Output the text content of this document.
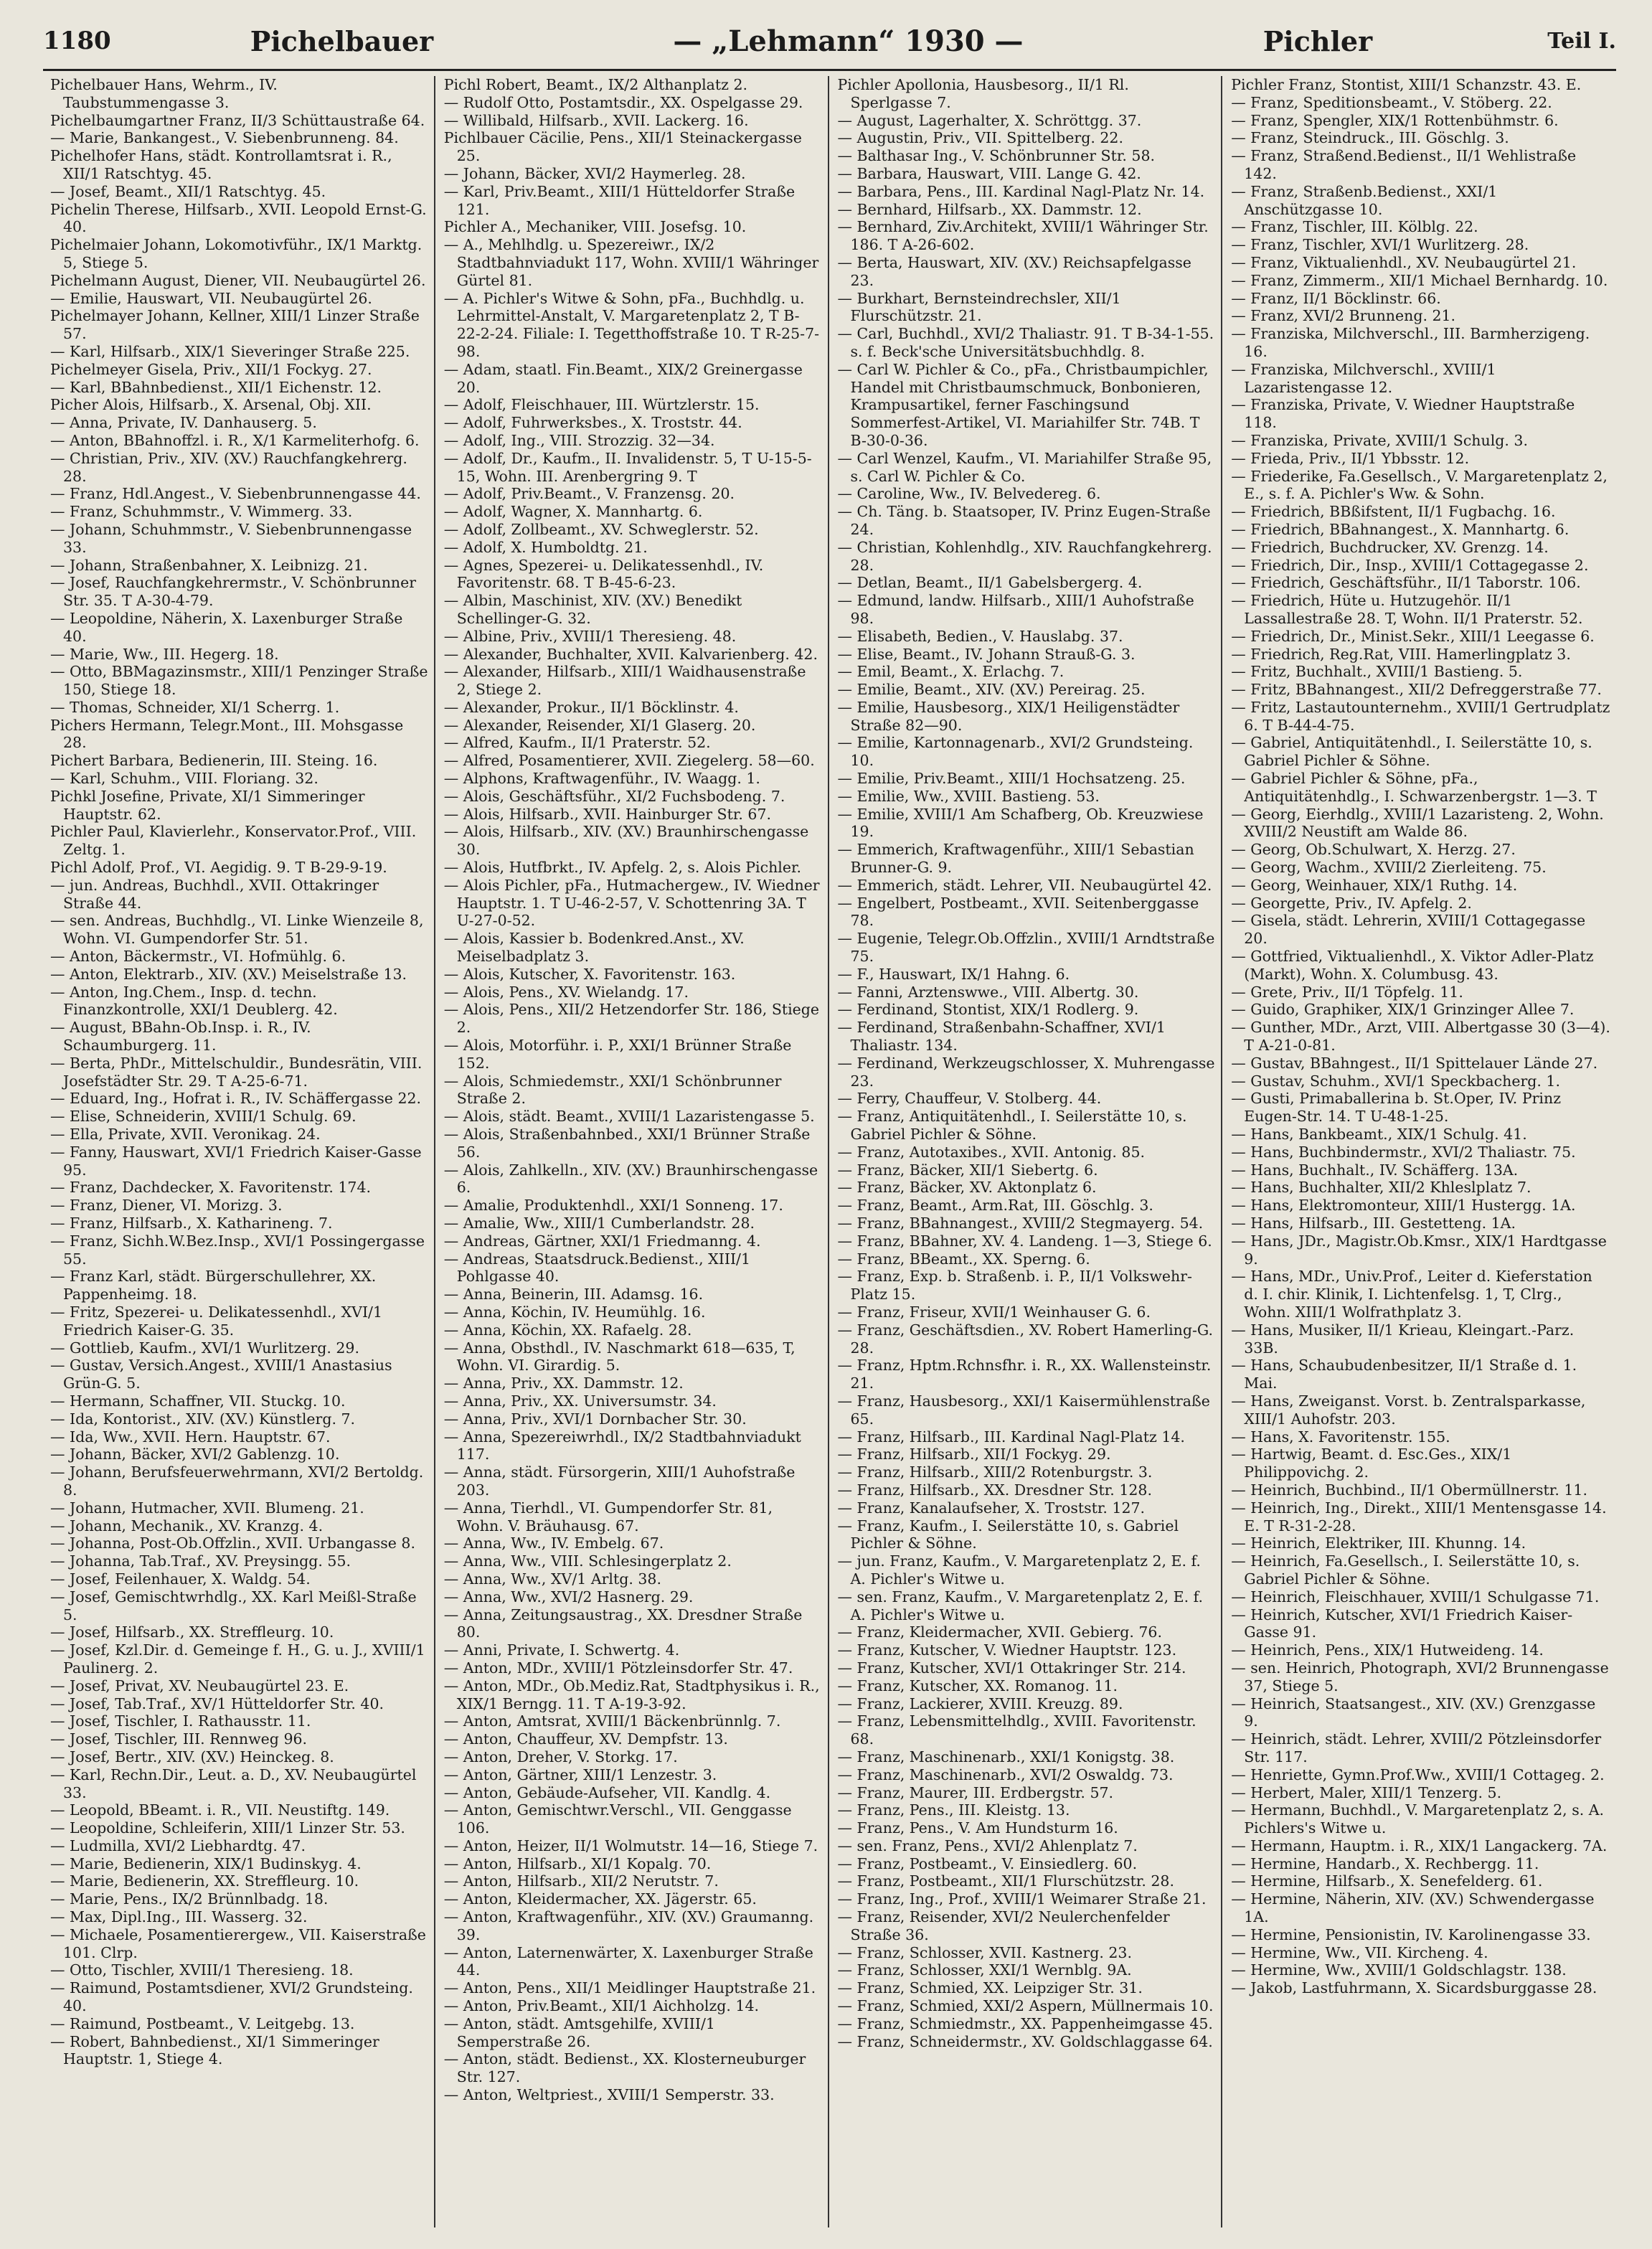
1180	Pichelbauer	— „Lehmann“ 1930 —	Pichler	Teil I.
Pichelbauer Hans, Wehrm., IV. Taubstummengasse 3.
Pichelbaumgartner Franz, II/3 Schüttaustraße 64.
— Marie, Bankangest., V. Siebenbrunneng. 84.
Pichelhofer Hans, städt. Kontrollamtsrat i. R., XII/1 Ratschtyg. 45.
— Josef, Beamt., XII/1 Ratschtyg. 45.
Pichelin Therese, Hilfsarb., XVII. Leopold Ernst-G. 40.
Pichelmaier Johann, Lokomotivführ., IX/1 Marktg. 5, Stiege 5.
Pichelmann August, Diener, VII. Neubaugürtel 26.
— Emilie, Hauswart, VII. Neubaugürtel 26.
Pichelmayer Johann, Kellner, XIII/1 Linzer Straße 57.
— Karl, Hilfsarb., XIX/1 Sieveringer Straße 225.
Pichelmeyer Gisela, Priv., XII/1 Fockyg. 27.
— Karl, BBahnbedienst., XII/1 Eichenstr. 12.
Picher Alois, Hilfsarb., X. Arsenal, Obj. XII.
— Anna, Private, IV. Danhauserg. 5.
— Anton, BBahnoffzl. i. R., X/1 Karmeliterhofg. 6.
— Christian, Priv., XIV. (XV.) Rauchfangkehrerg. 28.
— Franz, Hdl.Angest., V. Siebenbrunnengasse 44.
— Franz, Schuhmmstr., V. Wimmerg. 33.
— Johann, Schuhmmstr., V. Siebenbrunnengasse 33.
— Johann, Straßenbahner, X. Leibnizg. 21.
— Josef, Rauchfangkehrermstr., V. Schönbrunner Str. 35. T A-30-4-79.
— Leopoldine, Näherin, X. Laxenburger Straße 40.
— Marie, Ww., III. Hegerg. 18.
— Otto, BBMagazinsmstr., XIII/1 Penzinger Straße 150, Stiege 18.
— Thomas, Schneider, XI/1 Scherrg. 1.
Pichers Hermann, Telegr.Mont., III. Mohsgasse 28.
Pichert Barbara, Bedienerin, III. Steing. 16.
— Karl, Schuhm., VIII. Floriang. 32.
Pichkl Josefine, Private, XI/1 Simmeringer Hauptstr. 62.
Pichler Paul, Klavierlehr., Konservator.Prof., VIII. Zeltg. 1.
Pichl Adolf, Prof., VI. Aegidig. 9. T B-29-9-19.
— jun. Andreas, Buchhdl., XVII. Ottakringer Straße 44.
— sen. Andreas, Buchhdlg., VI. Linke Wienzeile 8, Wohn. VI. Gumpendorfer Str. 51.
— Anton, Bäckermstr., VI. Hofmühlg. 6.
— Anton, Elektrarb., XIV. (XV.) Meiselstraße 13.
— Anton, Ing.Chem., Insp. d. techn. Finanzkontrolle, XXI/1 Deublerg. 42.
— August, BBahn-Ob.Insp. i. R., IV. Schaumburgerg. 11.
— Berta, PhDr., Mittelschuldir., Bundesrätin, VIII. Josefstädter Str. 29. T A-25-6-71.
— Eduard, Ing., Hofrat i. R., IV. Schäffergasse 22.
— Elise, Schneiderin, XVIII/1 Schulg. 69.
— Ella, Private, XVII. Veronikag. 24.
— Fanny, Hauswart, XVI/1 Friedrich Kaiser-Gasse 95.
— Franz, Dachdecker, X. Favoritenstr. 174.
— Franz, Diener, VI. Morizg. 3.
— Franz, Hilfsarb., X. Katharineng. 7.
— Franz, Sichh.W.Bez.Insp., XVI/1 Possingergasse 55.
— Franz Karl, städt. Bürgerschullehrer, XX. Pappenheimg. 18.
— Fritz, Spezerei- u. Delikatessenhdl., XVI/1 Friedrich Kaiser-G. 35.
— Gottlieb, Kaufm., XVI/1 Wurlitzerg. 29.
— Gustav, Versich.Angest., XVIII/1 Anastasius Grün-G. 5.
— Hermann, Schaffner, VII. Stuckg. 10.
— Ida, Kontorist., XIV. (XV.) Künstlerg. 7.
— Ida, Ww., XVII. Hern. Hauptstr. 67.
— Johann, Bäcker, XVI/2 Gablenzg. 10.
— Johann, Berufsfeuerwehrmann, XVI/2 Bertoldg. 8.
— Johann, Hutmacher, XVII. Blumeng. 21.
— Johann, Mechanik., XV. Kranzg. 4.
— Johanna, Post-Ob.Offzlin., XVII. Urbangasse 8.
— Johanna, Tab.Traf., XV. Preysingg. 55.
— Josef, Feilenhauer, X. Waldg. 54.
— Josef, Gemischtwrhdlg., XX. Karl Meißl-Straße 5.
— Josef, Hilfsarb., XX. Streffleurg. 10.
— Josef, Kzl.Dir. d. Gemeinge f. H., G. u. J., XVIII/1 Paulinerg. 2.
— Josef, Privat, XV. Neubaugürtel 23. E.
— Josef, Tab.Traf., XV/1 Hütteldorfer Str. 40.
— Josef, Tischler, I. Rathausstr. 11.
— Josef, Tischler, III. Rennweg 96.
— Josef, Bertr., XIV. (XV.) Heinckeg. 8.
— Karl, Rechn.Dir., Leut. a. D., XV. Neubaugürtel 33.
— Leopold, BBeamt. i. R., VII. Neustiftg. 149.
— Leopoldine, Schleiferin, XIII/1 Linzer Str. 53.
— Ludmilla, XVI/2 Liebhardtg. 47.
— Marie, Bedienerin, XIX/1 Budinskyg. 4.
— Marie, Bedienerin, XX. Streffleurg. 10.
— Marie, Pens., IX/2 Brünnlbadg. 18.
— Max, Dipl.Ing., III. Wasserg. 32.
— Michaele, Posamentierergew., VII. Kaiserstraße 101. Clrp.
— Otto, Tischler, XVIII/1 Theresieng. 18.
— Raimund, Postamtsdiener, XVI/2 Grundsteing. 40.
— Raimund, Postbeamt., V. Leitgebg. 13.
— Robert, Bahnbedienst., XI/1 Simmeringer Hauptstr. 1, Stiege 4.
Pichl Robert, Beamt., IX/2 Althanplatz 2.
— Rudolf Otto, Postamtsdir., XX. Ospelgasse 29.
— Willibald, Hilfsarb., XVII. Lackerg. 16.
Pichlbauer Cäcilie, Pens., XII/1 Steinackergasse 25.
— Johann, Bäcker, XVI/2 Haymerleg. 28.
— Karl, Priv.Beamt., XIII/1 Hütteldorfer Straße 121.
Pichler A., Mechaniker, VIII. Josefsg. 10.
— A., Mehlhdlg. u. Spezereiwr., IX/2 Stadtbahnviadukt 117, Wohn. XVIII/1 Währinger Gürtel 81.
— A. Pichler's Witwe & Sohn, pFa., Buchhdlg. u. Lehrmittel-Anstalt, V. Margaretenplatz 2, T B-22-2-24. Filiale: I. Tegetthoffstraße 10. T R-25-7-98.
— Adam, staatl. Fin.Beamt., XIX/2 Greinergasse 20.
— Adolf, Fleischhauer, III. Würtzlerstr. 15.
— Adolf, Fuhrwerksbes., X. Troststr. 44.
— Adolf, Ing., VIII. Strozzig. 32—34.
— Adolf, Dr., Kaufm., II. Invalidenstr. 5, T U-15-5-15, Wohn. III. Arenbergring 9. T
— Adolf, Priv.Beamt., V. Franzensg. 20.
— Adolf, Wagner, X. Mannhartg. 6.
— Adolf, Zollbeamt., XV. Schweglerstr. 52.
— Adolf, X. Humboldtg. 21.
— Agnes, Spezerei- u. Delikatessenhdl., IV. Favoritenstr. 68. T B-45-6-23.
— Albin, Maschinist, XIV. (XV.) Benedikt Schellinger-G. 32.
— Albine, Priv., XVIII/1 Theresieng. 48.
— Alexander, Buchhalter, XVII. Kalvarienberg. 42.
— Alexander, Hilfsarb., XIII/1 Waidhausenstraße 2, Stiege 2.
— Alexander, Prokur., II/1 Böcklinstr. 4.
— Alexander, Reisender, XI/1 Glaserg. 20.
— Alfred, Kaufm., II/1 Praterstr. 52.
— Alfred, Posamentierer, XVII. Ziegelerg. 58—60.
— Alphons, Kraftwagenführ., IV. Waagg. 1.
— Alois, Geschäftsführ., XI/2 Fuchsbodeng. 7.
— Alois, Hilfsarb., XVII. Hainburger Str. 67.
— Alois, Hilfsarb., XIV. (XV.) Braunhirschengasse 30.
— Alois, Hutfbrkt., IV. Apfelg. 2, s. Alois Pichler.
— Alois Pichler, pFa., Hutmachergew., IV. Wiedner Hauptstr. 1. T U-46-2-57, V. Schottenring 3A. T U-27-0-52.
— Alois, Kassier b. Bodenkred.Anst., XV. Meiselbadplatz 3.
— Alois, Kutscher, X. Favoritenstr. 163.
— Alois, Pens., XV. Wielandg. 17.
— Alois, Pens., XII/2 Hetzendorfer Str. 186, Stiege 2.
— Alois, Motorführ. i. P., XXI/1 Brünner Straße 152.
— Alois, Schmiedemstr., XXI/1 Schönbrunner Straße 2.
— Alois, städt. Beamt., XVIII/1 Lazaristengasse 5.
— Alois, Straßenbahnbed., XXI/1 Brünner Straße 56.
— Alois, Zahlkelln., XIV. (XV.) Braunhirschengasse 6.
— Amalie, Produktenhdl., XXI/1 Sonneng. 17.
— Amalie, Ww., XIII/1 Cumberlandstr. 28.
— Andreas, Gärtner, XXI/1 Friedmanng. 4.
— Andreas, Staatsdruck.Bedienst., XIII/1 Pohlgasse 40.
— Anna, Beinerin, III. Adamsg. 16.
— Anna, Köchin, IV. Heumühlg. 16.
— Anna, Köchin, XX. Rafaelg. 28.
— Anna, Obsthdl., IV. Naschmarkt 618—635, T, Wohn. VI. Girardig. 5.
— Anna, Priv., XX. Dammstr. 12.
— Anna, Priv., XX. Universumstr. 34.
— Anna, Priv., XVI/1 Dornbacher Str. 30.
— Anna, Spezereiwrhdl., IX/2 Stadtbahnviadukt 117.
— Anna, städt. Fürsorgerin, XIII/1 Auhofstraße 203.
— Anna, Tierhdl., VI. Gumpendorfer Str. 81, Wohn. V. Bräuhausg. 67.
— Anna, Ww., IV. Embelg. 67.
— Anna, Ww., VIII. Schlesingerplatz 2.
— Anna, Ww., XV/1 Arltg. 38.
— Anna, Ww., XVI/2 Hasnerg. 29.
— Anna, Zeitungsaustrag., XX. Dresdner Straße 80.
— Anni, Private, I. Schwertg. 4.
— Anton, MDr., XVIII/1 Pötzleinsdorfer Str. 47.
— Anton, MDr., Ob.Mediz.Rat, Stadtphysikus i. R., XIX/1 Berngg. 11. T A-19-3-92.
— Anton, Amtsrat, XVIII/1 Bäckenbrünnlg. 7.
— Anton, Chauffeur, XV. Dempfstr. 13.
— Anton, Dreher, V. Storkg. 17.
— Anton, Gärtner, XIII/1 Lenzestr. 3.
— Anton, Gebäude-Aufseher, VII. Kandlg. 4.
— Anton, Gemischtwr.Verschl., VII. Genggasse 106.
— Anton, Heizer, II/1 Wolmutstr. 14—16, Stiege 7.
— Anton, Hilfsarb., XI/1 Kopalg. 70.
— Anton, Hilfsarb., XII/2 Nerutstr. 7.
— Anton, Kleidermacher, XX. Jägerstr. 65.
— Anton, Kraftwagenführ., XIV. (XV.) Graumanng. 39.
— Anton, Laternenwärter, X. Laxenburger Straße 44.
— Anton, Pens., XII/1 Meidlinger Hauptstraße 21.
— Anton, Priv.Beamt., XII/1 Aichholzg. 14.
— Anton, städt. Amtsgehilfe, XVIII/1 Semperstraße 26.
— Anton, städt. Bedienst., XX. Klosterneuburger Str. 127.
— Anton, Weltpriest., XVIII/1 Semperstr. 33.
Pichler Apollonia, Hausbesorg., II/1 Rl. Sperlgasse 7.
— August, Lagerhalter, X. Schröttgg. 37.
— Augustin, Priv., VII. Spittelberg. 22.
— Balthasar Ing., V. Schönbrunner Str. 58.
— Barbara, Hauswart, VIII. Lange G. 42.
— Barbara, Pens., III. Kardinal Nagl-Platz Nr. 14.
— Bernhard, Hilfsarb., XX. Dammstr. 12.
— Bernhard, Ziv.Architekt, XVIII/1 Währinger Str. 186. T A-26-602.
— Berta, Hauswart, XIV. (XV.) Reichsapfelgasse 23.
— Burkhart, Bernsteindrechsler, XII/1 Flurschützstr. 21.
— Carl, Buchhdl., XVI/2 Thaliastr. 91. T B-34-1-55. s. f. Beck'sche Universitätsbuchhdlg. 8.
— Carl W. Pichler & Co., pFa., Christbaumpichler, Handel mit Christbaumschmuck, Bonbonieren, Krampusartikel, ferner Faschingsund Sommerfest-Artikel, VI. Mariahilfer Str. 74B. T B-30-0-36.
— Carl Wenzel, Kaufm., VI. Mariahilfer Straße 95, s. Carl W. Pichler & Co.
— Caroline, Ww., IV. Belvedereg. 6.
— Ch. Täng. b. Staatsoper, IV. Prinz Eugen-Straße 24.
— Christian, Kohlenhdlg., XIV. Rauchfangkehrerg. 28.
— Detlan, Beamt., II/1 Gabelsbergerg. 4.
— Edmund, landw. Hilfsarb., XIII/1 Auhofstraße 98.
— Elisabeth, Bedien., V. Hauslabg. 37.
— Elise, Beamt., IV. Johann Strauß-G. 3.
— Emil, Beamt., X. Erlachg. 7.
— Emilie, Beamt., XIV. (XV.) Pereirag. 25.
— Emilie, Hausbesorg., XIX/1 Heiligenstädter Straße 82—90.
— Emilie, Kartonnagenarb., XVI/2 Grundsteing. 10.
— Emilie, Priv.Beamt., XIII/1 Hochsatzeng. 25.
— Emilie, Ww., XVIII. Bastieng. 53.
— Emilie, XVIII/1 Am Schafberg, Ob. Kreuzwiese 19.
— Emmerich, Kraftwagenführ., XIII/1 Sebastian Brunner-G. 9.
— Emmerich, städt. Lehrer, VII. Neubaugürtel 42.
— Engelbert, Postbeamt., XVII. Seitenberggasse 78.
— Eugenie, Telegr.Ob.Offzlin., XVIII/1 Arndtstraße 75.
— F., Hauswart, IX/1 Hahng. 6.
— Fanni, Arztenswwe., VIII. Albertg. 30.
— Ferdinand, Stontist, XIX/1 Rodlerg. 9.
— Ferdinand, Straßenbahn-Schaffner, XVI/1 Thaliastr. 134.
— Ferdinand, Werkzeugschlosser, X. Muhrengasse 23.
— Ferry, Chauffeur, V. Stolberg. 44.
— Franz, Antiquitätenhdl., I. Seilerstätte 10, s. Gabriel Pichler & Söhne.
— Franz, Autotaxibes., XVII. Antonig. 85.
— Franz, Bäcker, XII/1 Siebertg. 6.
— Franz, Bäcker, XV. Aktonplatz 6.
— Franz, Beamt., Arm.Rat, III. Göschlg. 3.
— Franz, BBahnangest., XVIII/2 Stegmayerg. 54.
— Franz, BBahner, XV. 4. Landeng. 1—3, Stiege 6.
— Franz, BBeamt., XX. Sperng. 6.
— Franz, Exp. b. Straßenb. i. P., II/1 Volkswehr-Platz 15.
— Franz, Friseur, XVII/1 Weinhauser G. 6.
— Franz, Geschäftsdien., XV. Robert Hamerling-G. 28.
— Franz, Hptm.Rchnsfhr. i. R., XX. Wallensteinstr. 21.
— Franz, Hausbesorg., XXI/1 Kaisermühlenstraße 65.
— Franz, Hilfsarb., III. Kardinal Nagl-Platz 14.
— Franz, Hilfsarb., XII/1 Fockyg. 29.
— Franz, Hilfsarb., XIII/2 Rotenburgstr. 3.
— Franz, Hilfsarb., XX. Dresdner Str. 128.
— Franz, Kanalaufseher, X. Troststr. 127.
— Franz, Kaufm., I. Seilerstätte 10, s. Gabriel Pichler & Söhne.
— jun. Franz, Kaufm., V. Margaretenplatz 2, E. f. A. Pichler's Witwe u.
— sen. Franz, Kaufm., V. Margaretenplatz 2, E. f. A. Pichler's Witwe u.
— Franz, Kleidermacher, XVII. Gebierg. 76.
— Franz, Kutscher, V. Wiedner Hauptstr. 123.
— Franz, Kutscher, XVI/1 Ottakringer Str. 214.
— Franz, Kutscher, XX. Romanog. 11.
— Franz, Lackierer, XVIII. Kreuzg. 89.
— Franz, Lebensmittelhdlg., XVIII. Favoritenstr. 68.
— Franz, Maschinenarb., XXI/1 Konigstg. 38.
— Franz, Maschinenarb., XVI/2 Oswaldg. 73.
— Franz, Maurer, III. Erdbergstr. 57.
— Franz, Pens., III. Kleistg. 13.
— Franz, Pens., V. Am Hundsturm 16.
— sen. Franz, Pens., XVI/2 Ahlenplatz 7.
— Franz, Postbeamt., V. Einsiedlerg. 60.
— Franz, Postbeamt., XII/1 Flurschützstr. 28.
— Franz, Ing., Prof., XVIII/1 Weimarer Straße 21.
— Franz, Reisender, XVI/2 Neulerchenfelder Straße 36.
— Franz, Schlosser, XVII. Kastnerg. 23.
— Franz, Schlosser, XXI/1 Wernblg. 9A.
— Franz, Schmied, XX. Leipziger Str. 31.
— Franz, Schmied, XXI/2 Aspern, Müllnermais 10.
— Franz, Schmiedmstr., XX. Pappenheimgasse 45.
— Franz, Schneidermstr., XV. Goldschlaggasse 64.
Pichler Franz, Stontist, XIII/1 Schanzstr. 43. E.
— Franz, Speditionsbeamt., V. Stöberg. 22.
— Franz, Spengler, XIX/1 Rottenbühmstr. 6.
— Franz, Steindruck., III. Göschlg. 3.
— Franz, Straßend.Bedienst., II/1 Wehlistraße 142.
— Franz, Straßenb.Bedienst., XXI/1 Anschützgasse 10.
— Franz, Tischler, III. Kölblg. 22.
— Franz, Tischler, XVI/1 Wurlitzerg. 28.
— Franz, Viktualienhdl., XV. Neubaugürtel 21.
— Franz, Zimmerm., XII/1 Michael Bernhardg. 10.
— Franz, II/1 Böcklinstr. 66.
— Franz, XVI/2 Brunneng. 21.
— Franziska, Milchverschl., III. Barmherzigeng. 16.
— Franziska, Milchverschl., XVIII/1 Lazaristengasse 12.
— Franziska, Private, V. Wiedner Hauptstraße 118.
— Franziska, Private, XVIII/1 Schulg. 3.
— Frieda, Priv., II/1 Ybbsstr. 12.
— Friederike, Fa.Gesellsch., V. Margaretenplatz 2, E., s. f. A. Pichler's Ww. & Sohn.
— Friedrich, BBßifstent, II/1 Fugbachg. 16.
— Friedrich, BBahnangest., X. Mannhartg. 6.
— Friedrich, Buchdrucker, XV. Grenzg. 14.
— Friedrich, Dir., Insp., XVIII/1 Cottagegasse 2.
— Friedrich, Geschäftsführ., II/1 Taborstr. 106.
— Friedrich, Hüte u. Hutzugehör. II/1 Lassallestraße 28. T, Wohn. II/1 Praterstr. 52.
— Friedrich, Dr., Minist.Sekr., XIII/1 Leegasse 6.
— Friedrich, Reg.Rat, VIII. Hamerlingplatz 3.
— Fritz, Buchhalt., XVIII/1 Bastieng. 5.
— Fritz, BBahnangest., XII/2 Defreggerstraße 77.
— Fritz, Lastautounternehm., XVIII/1 Gertrudplatz 6. T B-44-4-75.
— Gabriel, Antiquitätenhdl., I. Seilerstätte 10, s. Gabriel Pichler & Söhne.
— Gabriel Pichler & Söhne, pFa., Antiquitätenhdlg., I. Schwarzenbergstr. 1—3. T
— Georg, Eierhdlg., XVIII/1 Lazaristeng. 2, Wohn. XVIII/2 Neustift am Walde 86.
— Georg, Ob.Schulwart, X. Herzg. 27.
— Georg, Wachm., XVIII/2 Zierleiteng. 75.
— Georg, Weinhauer, XIX/1 Ruthg. 14.
— Georgette, Priv., IV. Apfelg. 2.
— Gisela, städt. Lehrerin, XVIII/1 Cottagegasse 20.
— Gottfried, Viktualienhdl., X. Viktor Adler-Platz (Markt), Wohn. X. Columbusg. 43.
— Grete, Priv., II/1 Töpfelg. 11.
— Guido, Graphiker, XIX/1 Grinzinger Allee 7.
— Gunther, MDr., Arzt, VIII. Albertgasse 30 (3—4). T A-21-0-81.
— Gustav, BBahngest., II/1 Spittelauer Lände 27.
— Gustav, Schuhm., XVI/1 Speckbacherg. 1.
— Gusti, Primaballerina b. St.Oper, IV. Prinz Eugen-Str. 14. T U-48-1-25.
— Hans, Bankbeamt., XIX/1 Schulg. 41.
— Hans, Buchbindermstr., XVI/2 Thaliastr. 75.
— Hans, Buchhalt., IV. Schäfferg. 13A.
— Hans, Buchhalter, XII/2 Khleslplatz 7.
— Hans, Elektromonteur, XIII/1 Hustergg. 1A.
— Hans, Hilfsarb., III. Gestetteng. 1A.
— Hans, JDr., Magistr.Ob.Kmsr., XIX/1 Hardtgasse 9.
— Hans, MDr., Univ.Prof., Leiter d. Kieferstation d. I. chir. Klinik, I. Lichtenfelsg. 1, T, Clrg., Wohn. XIII/1 Wolfrathplatz 3.
— Hans, Musiker, II/1 Krieau, Kleingart.-Parz. 33B.
— Hans, Schaubudenbesitzer, II/1 Straße d. 1. Mai.
— Hans, Zweiganst. Vorst. b. Zentralsparkasse, XIII/1 Auhofstr. 203.
— Hans, X. Favoritenstr. 155.
— Hartwig, Beamt. d. Esc.Ges., XIX/1 Philippovichg. 2.
— Heinrich, Buchbind., II/1 Obermüllnerstr. 11.
— Heinrich, Ing., Direkt., XIII/1 Mentensgasse 14. E. T R-31-2-28.
— Heinrich, Elektriker, III. Khunng. 14.
— Heinrich, Fa.Gesellsch., I. Seilerstätte 10, s. Gabriel Pichler & Söhne.
— Heinrich, Fleischhauer, XVIII/1 Schulgasse 71.
— Heinrich, Kutscher, XVI/1 Friedrich Kaiser-Gasse 91.
— Heinrich, Pens., XIX/1 Hutweideng. 14.
— sen. Heinrich, Photograph, XVI/2 Brunnengasse 37, Stiege 5.
— Heinrich, Staatsangest., XIV. (XV.) Grenzgasse 9.
— Heinrich, städt. Lehrer, XVIII/2 Pötzleinsdorfer Str. 117.
— Henriette, Gymn.Prof.Ww., XVIII/1 Cottageg. 2.
— Herbert, Maler, XIII/1 Tenzerg. 5.
— Hermann, Buchhdl., V. Margaretenplatz 2, s. A. Pichlers's Witwe u.
— Hermann, Hauptm. i. R., XIX/1 Langackerg. 7A.
— Hermine, Handarb., X. Rechbergg. 11.
— Hermine, Hilfsarb., X. Senefelderg. 61.
— Hermine, Näherin, XIV. (XV.) Schwendergasse 1A.
— Hermine, Pensionistin, IV. Karolinengasse 33.
— Hermine, Ww., VII. Kircheng. 4.
— Hermine, Ww., XVIII/1 Goldschlagstr. 138.
— Jakob, Lastfuhrmann, X. Sicardsburggasse 28.
